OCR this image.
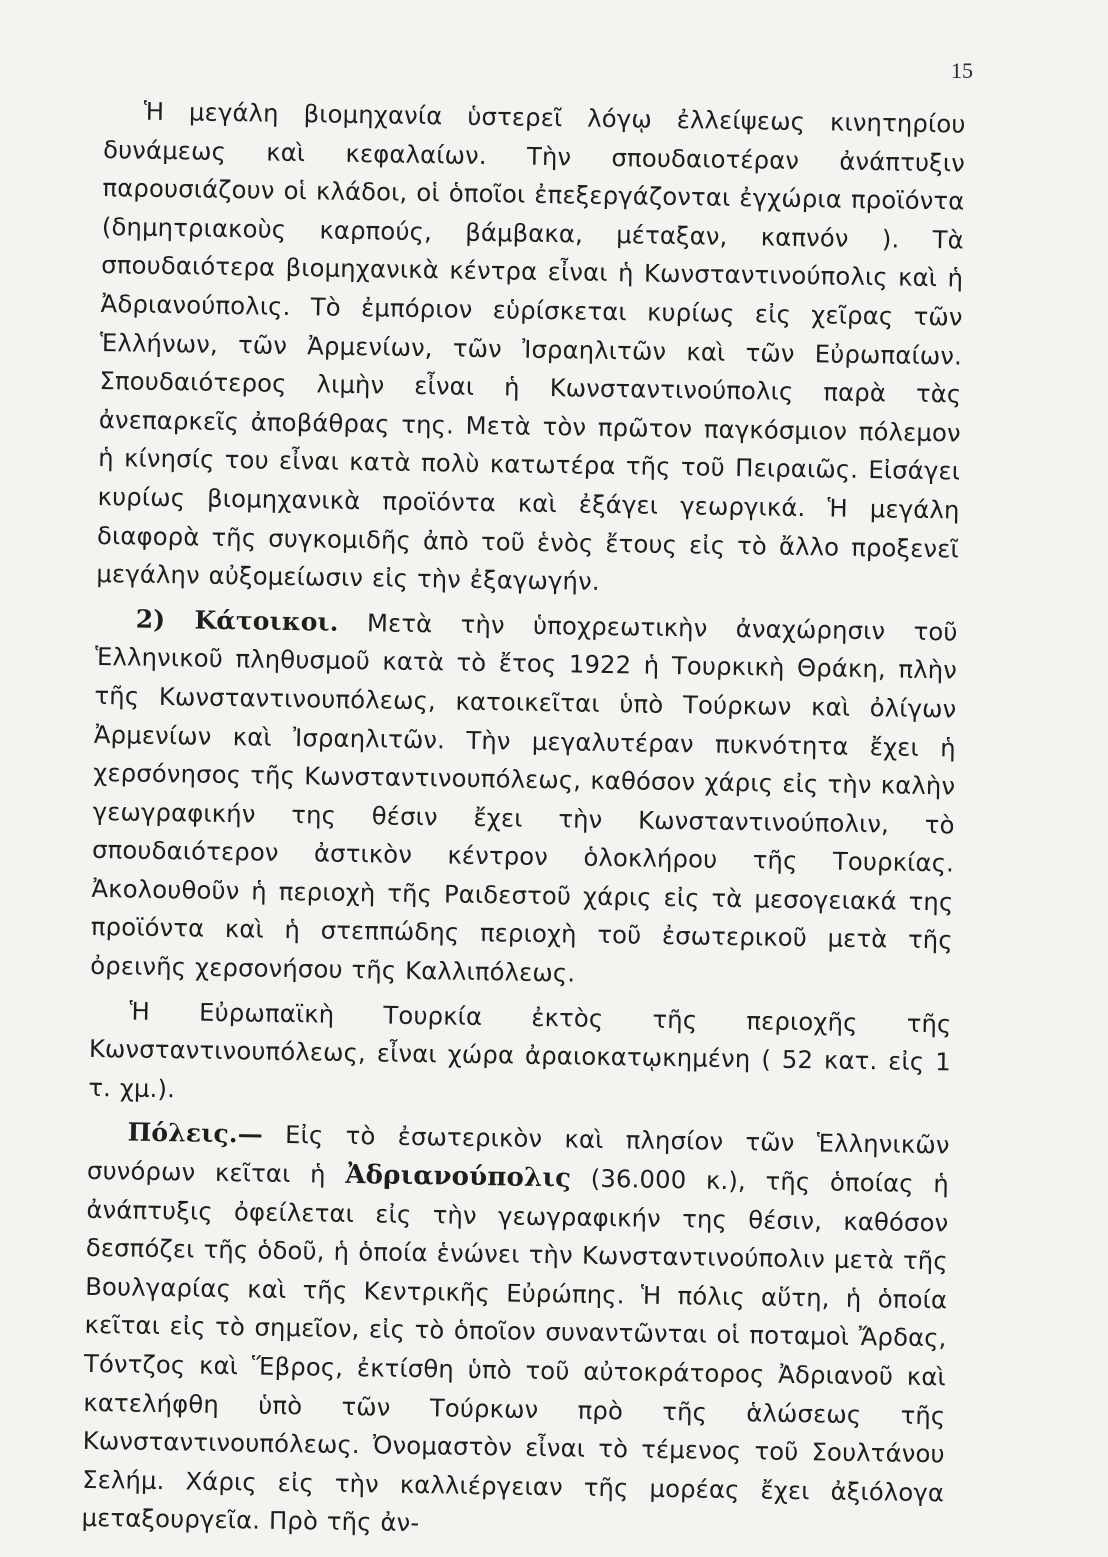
15

Ἡ μεγάλη βιομηχανία ὑστερεῖ λόγῳ ἐλλείψεως κινητηρίου δυνάμεως καὶ κεφαλαίων. Τὴν σπουδαιοτέραν ἀνάπτυξιν παρουσιάζουν οἱ κλάδοι, οἱ ὁποῖοι ἐπεξεργάζονται ἐγχώρια προϊόντα (δημητριακοὺς καρπούς, βάμβακα, μέταξαν, καπνόν ). Τὰ σπουδαιότερα βιομηχανικὰ κέντρα εἶναι ἡ Κωνσταντινούπολις καὶ ἡ Ἀδριανούπολις. Τὸ ἐμπόριον εὑρίσκεται κυρίως εἰς χεῖρας τῶν Ἑλλήνων, τῶν Ἀρμενίων, τῶν Ἰσραηλιτῶν καὶ τῶν Εὐρωπαίων. Σπουδαιότερος λιμὴν εἶναι ἡ Κωνσταντινούπολις παρὰ τὰς ἀνεπαρκεῖς ἀποβάθρας της. Μετὰ τὸν πρῶτον παγκόσμιον πόλεμον ἡ κίνησίς του εἶναι κατὰ πολὺ κατωτέρα τῆς τοῦ Πειραιῶς. Εἰσάγει κυρίως βιομηχανικὰ προϊόντα καὶ ἐξάγει γεωργικά. Ἡ μεγάλη διαφορὰ τῆς συγκομιδῆς ἀπὸ τοῦ ἑνὸς ἔτους εἰς τὸ ἄλλο προξενεῖ μεγάλην αὐξομείωσιν εἰς τὴν ἐξαγωγήν.

2) Κάτοικοι. Μετὰ τὴν ὑποχρεωτικὴν ἀναχώρησιν τοῦ Ἑλληνικοῦ πληθυσμοῦ κατὰ τὸ ἔτος 1922 ἡ Τουρκικὴ Θράκη, πλὴν τῆς Κωνσταντινουπόλεως, κατοικεῖται ὑπὸ Τούρκων καὶ ὀλίγων Ἀρμενίων καὶ Ἰσραηλιτῶν. Τὴν μεγαλυτέραν πυκνότητα ἔχει ἡ χερσόνησος τῆς Κωνσταντινουπόλεως, καθόσον χάρις εἰς τὴν καλὴν γεωγραφικήν της θέσιν ἔχει τὴν Κωνσταντινούπολιν, τὸ σπουδαιότερον ἀστικὸν κέντρον ὁλοκλήρου τῆς Τουρκίας. Ἀκολουθοῦν ἡ περιοχὴ τῆς Ραιδεστοῦ χάρις εἰς τὰ μεσογειακά της προϊόντα καὶ ἡ στεππώδης περιοχὴ τοῦ ἐσωτερικοῦ μετὰ τῆς ὀρεινῆς χερσονήσου τῆς Καλλιπόλεως.

Ἡ Εὐρωπαϊκὴ Τουρκία ἐκτὸς τῆς περιοχῆς τῆς Κωνσταντινουπόλεως, εἶναι χώρα ἀραιοκατῳκημένη ( 52 κατ. εἰς 1 τ. χμ.).

Πόλεις.— Εἰς τὸ ἐσωτερικὸν καὶ πλησίον τῶν Ἑλληνικῶν συνόρων κεῖται ἡ Ἀδριανούπολις (36.000 κ.), τῆς ὁποίας ἡ ἀνάπτυξις ὀφείλεται εἰς τὴν γεωγραφικήν της θέσιν, καθόσον δεσπόζει τῆς ὁδοῦ, ἡ ὁποία ἑνώνει τὴν Κωνσταντινούπολιν μετὰ τῆς Βουλγαρίας καὶ τῆς Κεντρικῆς Εὐρώπης. Ἡ πόλις αὕτη, ἡ ὁποία κεῖται εἰς τὸ σημεῖον, εἰς τὸ ὁποῖον συναντῶνται οἱ ποταμοὶ Ἄρδας, Τόντζος καὶ Ἕβρος, ἐκτίσθη ὑπὸ τοῦ αὐτοκράτορος Ἀδριανοῦ καὶ κατελήφθη ὑπὸ τῶν Τούρκων πρὸ τῆς ἁλώσεως τῆς Κωνσταντινουπόλεως. Ὀνομαστὸν εἶναι τὸ τέμενος τοῦ Σουλτάνου Σελήμ. Χάρις εἰς τὴν καλλιέργειαν τῆς μορέας ἔχει ἀξιόλογα μεταξουργεῖα. Πρὸ τῆς ἀν-
